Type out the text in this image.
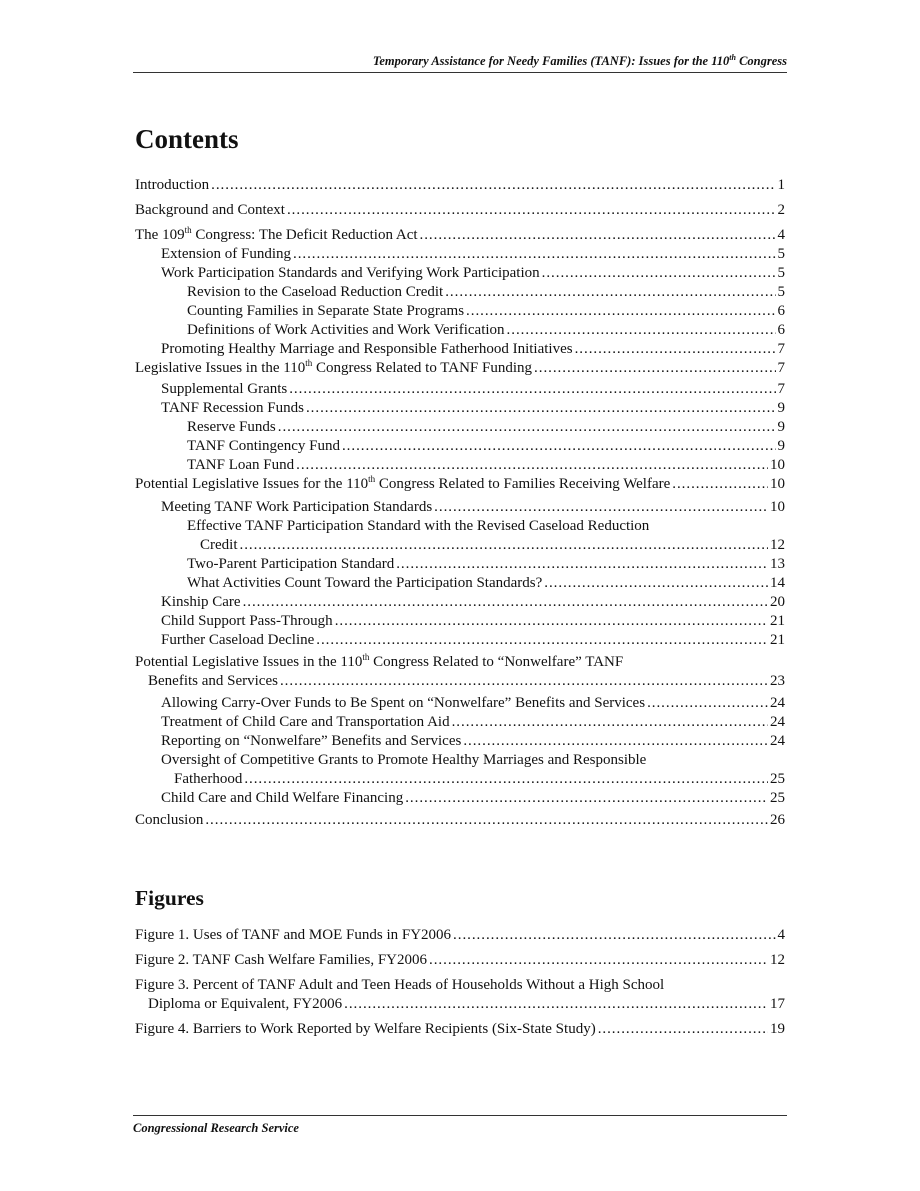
Temporary Assistance for Needy Families (TANF): Issues for the 110th Congress
Contents
Introduction . . .	1
Background and Context . . .	2
The 109th Congress: The Deficit Reduction Act . . .	4
Extension of Funding . . .	5
Work Participation Standards and Verifying Work Participation . . .	5
Revision to the Caseload Reduction Credit . . .	5
Counting Families in Separate State Programs . . .	6
Definitions of Work Activities and Work Verification . . .	6
Promoting Healthy Marriage and Responsible Fatherhood Initiatives . . .	7
Legislative Issues in the 110th Congress Related to TANF Funding . . .	7
Supplemental Grants . . .	7
TANF Recession Funds . . .	9
Reserve Funds . . .	9
TANF Contingency Fund . . .	9
TANF Loan Fund . . .	10
Potential Legislative Issues for the 110th Congress Related to Families Receiving Welfare . . .	10
Meeting TANF Work Participation Standards . . .	10
Effective TANF Participation Standard with the Revised Caseload Reduction
Credit . . .	12
Two-Parent Participation Standard . . .	13
What Activities Count Toward the Participation Standards? . . .	14
Kinship Care . . .	20
Child Support Pass-Through . . .	21
Further Caseload Decline . . .	21
Potential Legislative Issues in the 110th Congress Related to “Nonwelfare” TANF
Benefits and Services . . .	23
Allowing Carry-Over Funds to Be Spent on “Nonwelfare” Benefits and Services . . .	24
Treatment of Child Care and Transportation Aid . . .	24
Reporting on “Nonwelfare” Benefits and Services . . .	24
Oversight of Competitive Grants to Promote Healthy Marriages and Responsible
Fatherhood . . .	25
Child Care and Child Welfare Financing . . .	25
Conclusion . . .	26
Figures
Figure 1. Uses of TANF and MOE Funds in FY2006 . . .	4
Figure 2. TANF Cash Welfare Families, FY2006 . . .	12
Figure 3. Percent of TANF Adult and Teen Heads of Households Without a High School
Diploma or Equivalent, FY2006 . . .	17
Figure 4. Barriers to Work Reported by Welfare Recipients (Six-State Study) . . .	19
Congressional Research Service
